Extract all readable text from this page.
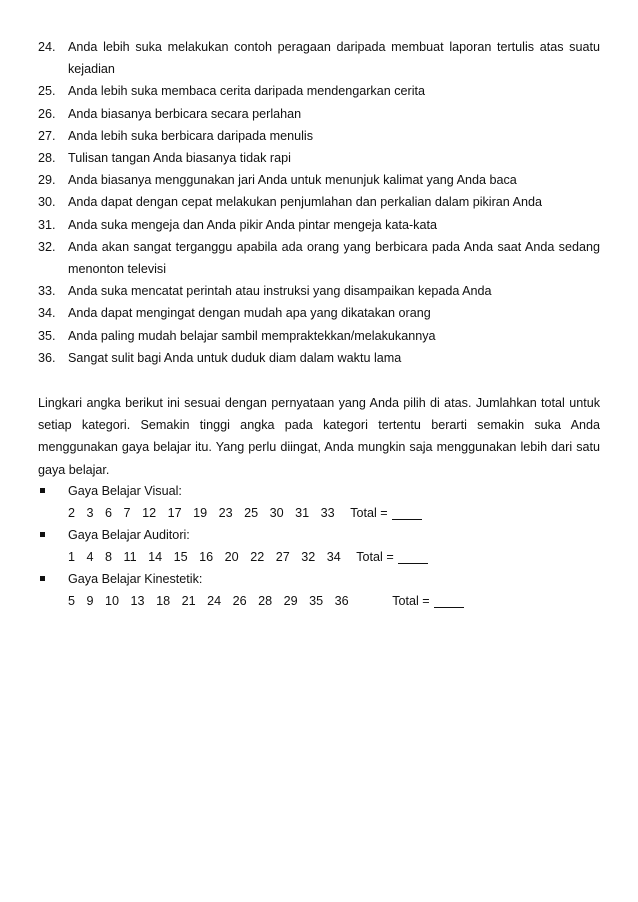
24. Anda lebih suka melakukan contoh peragaan daripada membuat laporan tertulis atas suatu kejadian
25. Anda lebih suka membaca cerita daripada mendengarkan cerita
26. Anda biasanya berbicara secara perlahan
27. Anda lebih suka berbicara daripada menulis
28. Tulisan tangan Anda biasanya tidak rapi
29. Anda biasanya menggunakan jari Anda untuk menunjuk kalimat yang Anda baca
30. Anda dapat dengan cepat melakukan penjumlahan dan perkalian dalam pikiran Anda
31. Anda suka mengeja dan Anda pikir Anda pintar mengeja kata-kata
32. Anda akan sangat terganggu apabila ada orang yang berbicara pada Anda saat Anda sedang menonton televisi
33. Anda suka mencatat perintah atau instruksi yang disampaikan kepada Anda
34. Anda dapat mengingat dengan mudah apa yang dikatakan orang
35. Anda paling mudah belajar sambil mempraktekkan/melakukannya
36. Sangat sulit bagi Anda untuk duduk diam dalam waktu lama
Lingkari angka berikut ini sesuai dengan pernyataan yang Anda pilih di atas. Jumlahkan total untuk setiap kategori. Semakin tinggi angka pada kategori tertentu berarti semakin suka Anda menggunakan gaya belajar itu. Yang perlu diingat, Anda mungkin saja menggunakan lebih dari satu gaya belajar.
Gaya Belajar Visual:
2 3 6 7 12 17 19 23 25 30 31 33	Total =
Gaya Belajar Auditori:
1 4 8 11 14 15 16 20 22 27 32 34	Total =
Gaya Belajar Kinestetik:
5 9 10 13 18 21 24 26 28 29 35 36	Total =
